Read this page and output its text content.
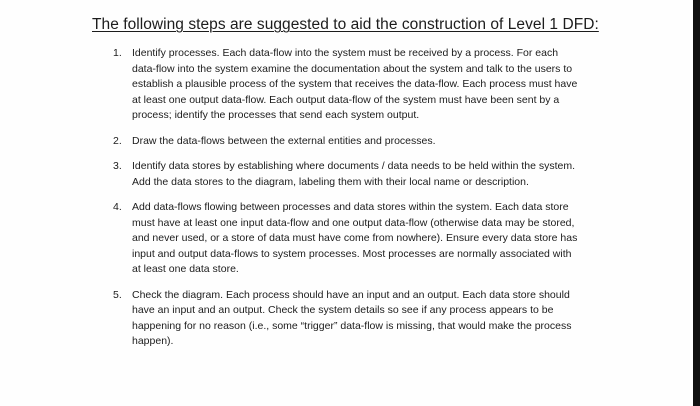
The following steps are suggested to aid the construction of Level 1 DFD:
1. Identify processes. Each data-flow into the system must be received by a process. For each
data-flow into the system examine the documentation about the system and talk to the users to
establish a plausible process of the system that receives the data-flow. Each process must have
at least one output data-flow. Each output data-flow of the system must have been sent by a
process; identify the processes that send each system output.
2. Draw the data-flows between the external entities and processes.
3. Identify data stores by establishing where documents / data needs to be held within the system.
Add the data stores to the diagram, labeling them with their local name or description.
4. Add data-flows flowing between processes and data stores within the system. Each data store
must have at least one input data-flow and one output data-flow (otherwise data may be stored,
and never used, or a store of data must have come from nowhere). Ensure every data store has
input and output data-flows to system processes. Most processes are normally associated with
at least one data store.
5. Check the diagram. Each process should have an input and an output. Each data store should
have an input and an output. Check the system details so see if any process appears to be
happening for no reason (i.e., some “trigger” data-flow is missing, that would make the process
happen).
